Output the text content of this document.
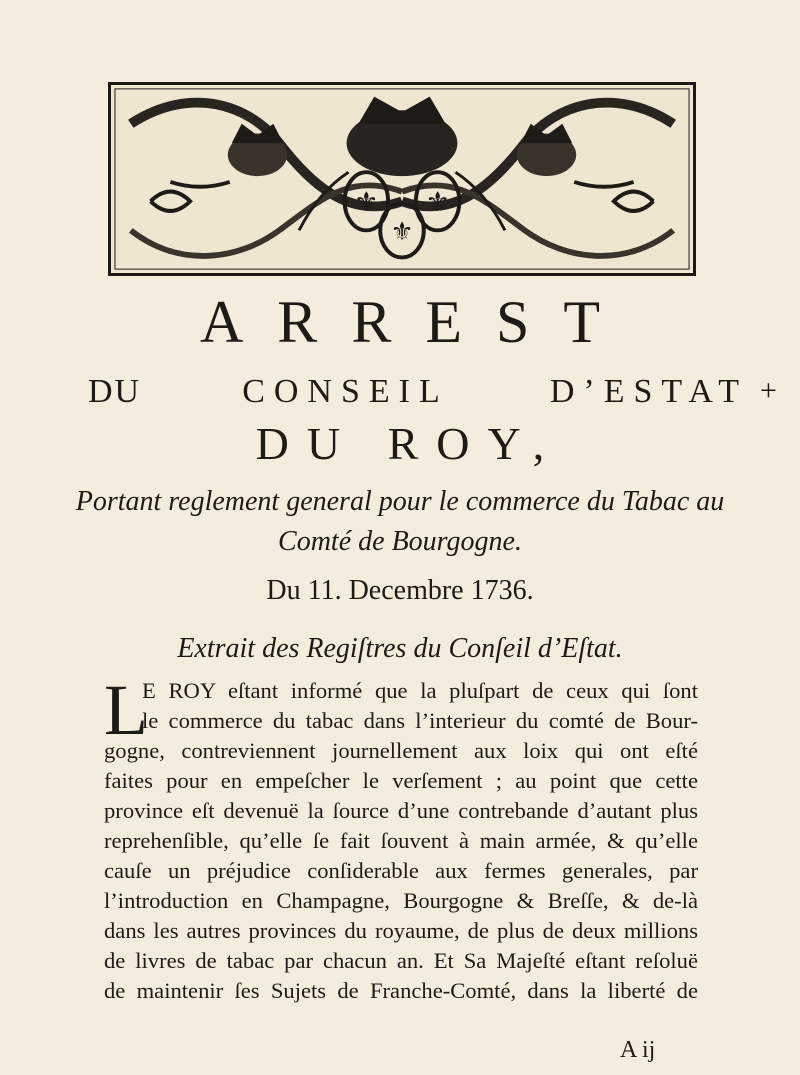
⚜ ⚜
⚜
ARREST
DU	CONSEIL	D’ESTAT +
DU ROY,
Portant reglement general pour le commerce du Tabac au
Comté de Bourgogne.
Du 11. Decembre 1736.
Extrait des Regiſtres du Conſeil d’Eſtat.
L
E ROY eſtant informé que la pluſpart de ceux qui ſont
le commerce du tabac dans l’interieur du comté de Bour-
gogne, contreviennent journellement aux loix qui ont eſté
faites pour en empeſcher le verſement ; au point que cette
province eſt devenuë la ſource d’une contrebande d’autant plus
reprehenſible, qu’elle ſe fait ſouvent à main armée, & qu’elle
cauſe un préjudice conſiderable aux fermes generales, par
l’introduction en Champagne, Bourgogne & Breſſe, & de-là
dans les autres provinces du royaume, de plus de deux millions
de livres de tabac par chacun an. Et Sa Majeſté eſtant reſoluë
de maintenir ſes Sujets de Franche-Comté, dans la liberté de
A ij
